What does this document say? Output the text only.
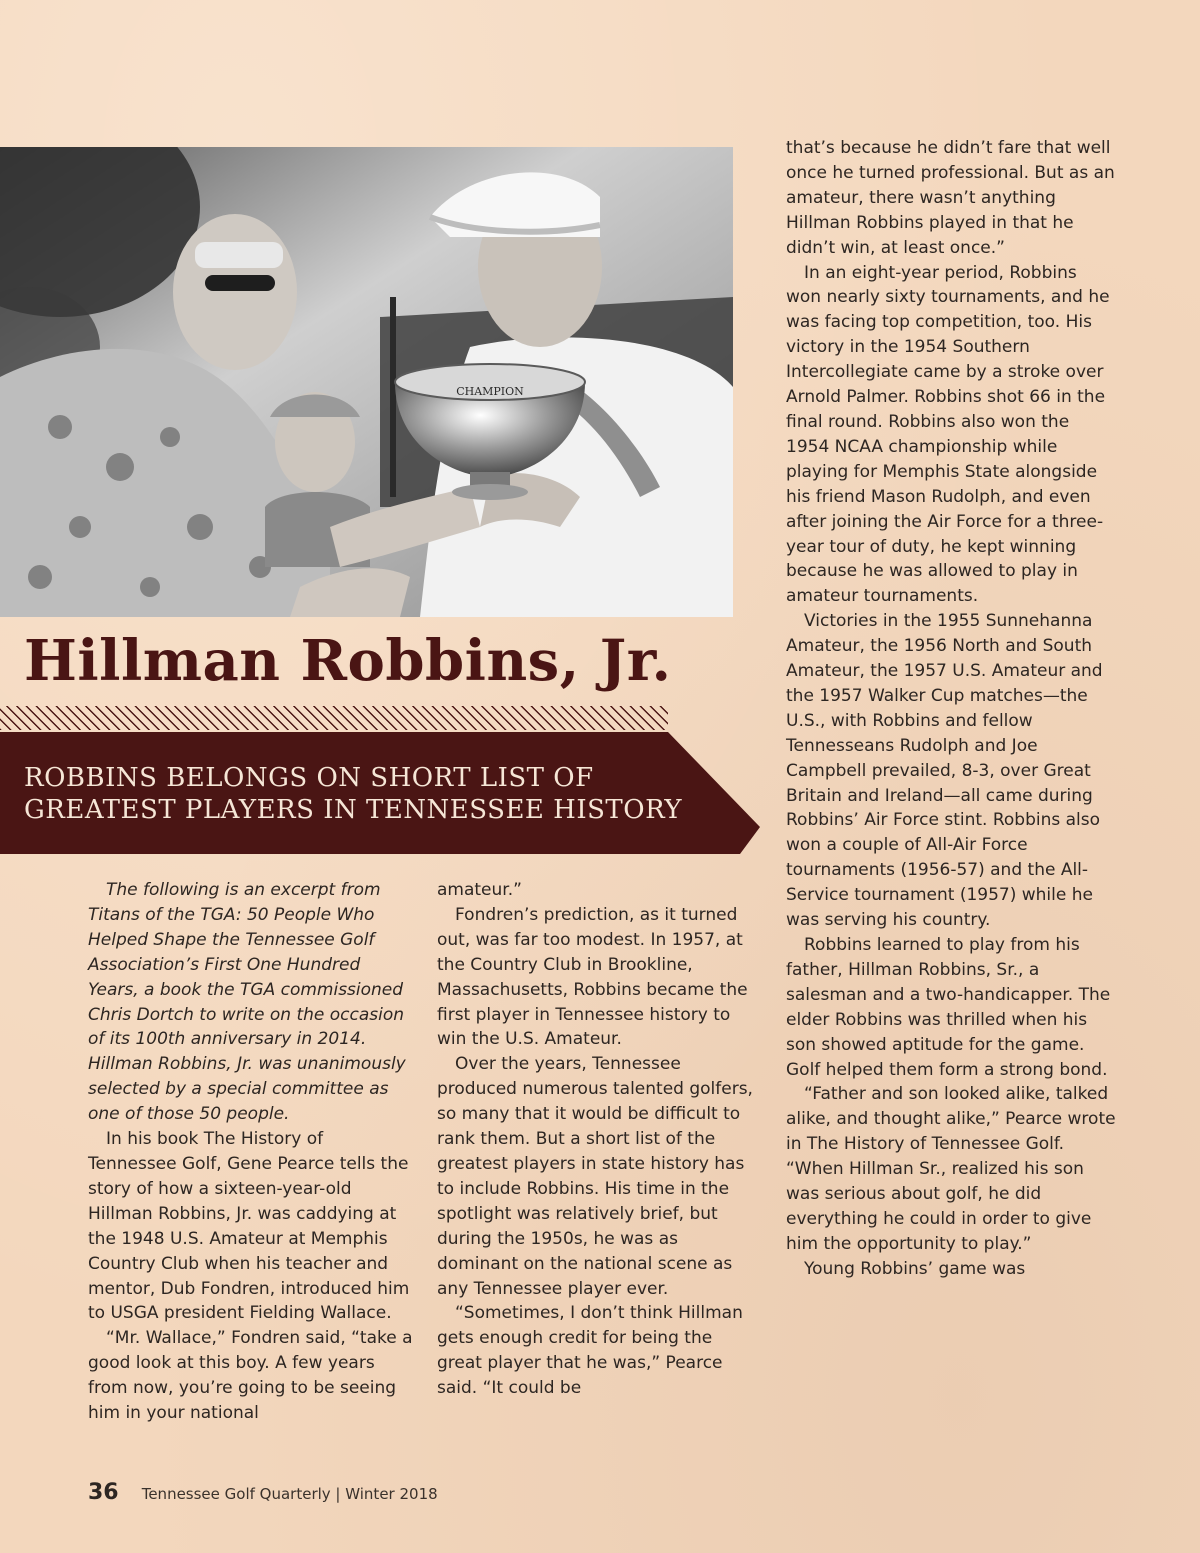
CHAMPION
Hillman Robbins, Jr.
ROBBINS BELONGS ON SHORT LIST OF GREATEST PLAYERS IN TENNESSEE HISTORY

The following is an excerpt from Titans of the TGA: 50 People Who Helped Shape the Tennessee Golf Association’s First One Hundred Years, a book the TGA commissioned Chris Dortch to write on the occasion of its 100th anniversary in 2014. Hillman Robbins, Jr. was unanimously selected by a special committee as one of those 50 people.

In his book The History of Tennessee Golf, Gene Pearce tells the story of how a sixteen-year-old Hillman Robbins, Jr. was caddying at the 1948 U.S. Amateur at Memphis Country Club when his teacher and mentor, Dub Fondren, introduced him to USGA president Fielding Wallace.

“Mr. Wallace,” Fondren said, “take a good look at this boy. A few years from now, you’re going to be seeing him in your national

amateur.”

Fondren’s prediction, as it turned out, was far too modest. In 1957, at the Country Club in Brookline, Massachusetts, Robbins became the first player in Tennessee history to win the U.S. Amateur.

Over the years, Tennessee produced numerous talented golfers, so many that it would be difficult to rank them. But a short list of the greatest players in state history has to include Robbins. His time in the spotlight was relatively brief, but during the 1950s, he was as dominant on the national scene as any Tennessee player ever.

“Sometimes, I don’t think Hillman gets enough credit for being the great player that he was,” Pearce said. “It could be

that’s because he didn’t fare that well once he turned professional. But as an amateur, there wasn’t anything Hillman Robbins played in that he didn’t win, at least once.”

In an eight-year period, Robbins won nearly sixty tournaments, and he was facing top competition, too. His victory in the 1954 Southern Intercollegiate came by a stroke over Arnold Palmer. Robbins shot 66 in the final round. Robbins also won the 1954 NCAA championship while playing for Memphis State alongside his friend Mason Rudolph, and even after joining the Air Force for a three-year tour of duty, he kept winning because he was allowed to play in amateur tournaments.

Victories in the 1955 Sunnehanna Amateur, the 1956 North and South Amateur, the 1957 U.S. Amateur and the 1957 Walker Cup matches—the U.S., with Robbins and fellow Tennesseans Rudolph and Joe Campbell prevailed, 8-3, over Great Britain and Ireland—all came during Robbins’ Air Force stint. Robbins also won a couple of All-Air Force tournaments (1956-57) and the All-Service tournament (1957) while he was serving his country.

Robbins learned to play from his father, Hillman Robbins, Sr., a salesman and a two-handicapper. The elder Robbins was thrilled when his son showed aptitude for the game. Golf helped them form a strong bond.

“Father and son looked alike, talked alike, and thought alike,” Pearce wrote in The History of Tennessee Golf. “When Hillman Sr., realized his son was serious about golf, he did everything he could in order to give him the opportunity to play.”

Young Robbins’ game was

36 Tennessee Golf Quarterly | Winter 2018
